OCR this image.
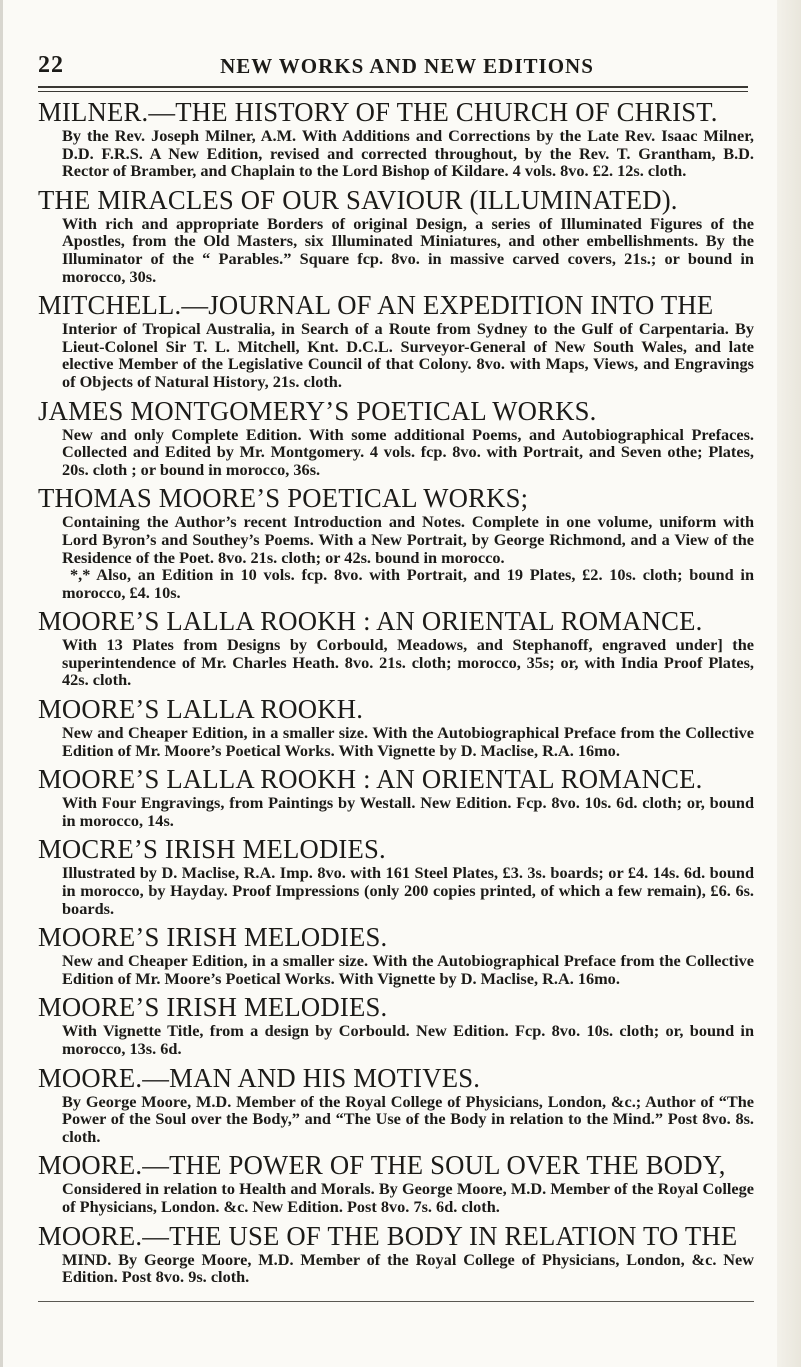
22	NEW WORKS AND NEW EDITIONS
MILNER.—THE HISTORY OF THE CHURCH OF CHRIST.

By the Rev. Joseph Milner, A.M. With Additions and Corrections by the Late Rev. Isaac Milner, D.D. F.R.S. A New Edition, revised and corrected throughout, by the Rev. T. Grantham, B.D. Rector of Bramber, and Chaplain to the Lord Bishop of Kildare. 4 vols. 8vo. £2. 12s. cloth.

THE MIRACLES OF OUR SAVIOUR (ILLUMINATED).

With rich and appropriate Borders of original Design, a series of Illuminated Figures of the Apostles, from the Old Masters, six Illuminated Miniatures, and other embellishments. By the Illuminator of the “ Parables.” Square fcp. 8vo. in massive carved covers, 21s.; or bound in morocco, 30s.

MITCHELL.—JOURNAL OF AN EXPEDITION INTO THE

Interior of Tropical Australia, in Search of a Route from Sydney to the Gulf of Carpentaria. By Lieut-Colonel Sir T. L. Mitchell, Knt. D.C.L. Surveyor-General of New South Wales, and late elective Member of the Legislative Council of that Colony. 8vo. with Maps, Views, and Engravings of Objects of Natural History, 21s. cloth.

JAMES MONTGOMERY’S POETICAL WORKS.

New and only Complete Edition. With some additional Poems, and Autobiographical Prefaces. Collected and Edited by Mr. Montgomery. 4 vols. fcp. 8vo. with Portrait, and Seven othe; Plates, 20s. cloth ; or bound in morocco, 36s.

THOMAS MOORE’S POETICAL WORKS;

Containing the Author’s recent Introduction and Notes. Complete in one volume, uniform with Lord Byron’s and Southey’s Poems. With a New Portrait, by George Richmond, and a View of the Residence of the Poet. 8vo. 21s. cloth; or 42s. bound in morocco.

*,* Also, an Edition in 10 vols. fcp. 8vo. with Portrait, and 19 Plates, £2. 10s. cloth; bound in morocco, £4. 10s.

MOORE’S LALLA ROOKH : AN ORIENTAL ROMANCE.

With 13 Plates from Designs by Corbould, Meadows, and Stephanoff, engraved under] the superintendence of Mr. Charles Heath. 8vo. 21s. cloth; morocco, 35s; or, with India Proof Plates, 42s. cloth.

MOORE’S LALLA ROOKH.

New and Cheaper Edition, in a smaller size. With the Autobiographical Preface from the Collective Edition of Mr. Moore’s Poetical Works. With Vignette by D. Maclise, R.A. 16mo.

MOORE’S LALLA ROOKH : AN ORIENTAL ROMANCE.

With Four Engravings, from Paintings by Westall. New Edition. Fcp. 8vo. 10s. 6d. cloth; or, bound in morocco, 14s.

MOCRE’S IRISH MELODIES.

Illustrated by D. Maclise, R.A. Imp. 8vo. with 161 Steel Plates, £3. 3s. boards; or £4. 14s. 6d. bound in morocco, by Hayday. Proof Impressions (only 200 copies printed, of which a few remain), £6. 6s. boards.

MOORE’S IRISH MELODIES.

New and Cheaper Edition, in a smaller size. With the Autobiographical Preface from the Collective Edition of Mr. Moore’s Poetical Works. With Vignette by D. Maclise, R.A. 16mo.

MOORE’S IRISH MELODIES.

With Vignette Title, from a design by Corbould. New Edition. Fcp. 8vo. 10s. cloth; or, bound in morocco, 13s. 6d.

MOORE.—MAN AND HIS MOTIVES.

By George Moore, M.D. Member of the Royal College of Physicians, London, &c.; Author of “The Power of the Soul over the Body,” and “The Use of the Body in relation to the Mind.” Post 8vo. 8s. cloth.

MOORE.—THE POWER OF THE SOUL OVER THE BODY,

Considered in relation to Health and Morals. By George Moore, M.D. Member of the Royal College of Physicians, London. &c. New Edition. Post 8vo. 7s. 6d. cloth.

MOORE.—THE USE OF THE BODY IN RELATION TO THE

MIND. By George Moore, M.D. Member of the Royal College of Physicians, London, &c. New Edition. Post 8vo. 9s. cloth.
